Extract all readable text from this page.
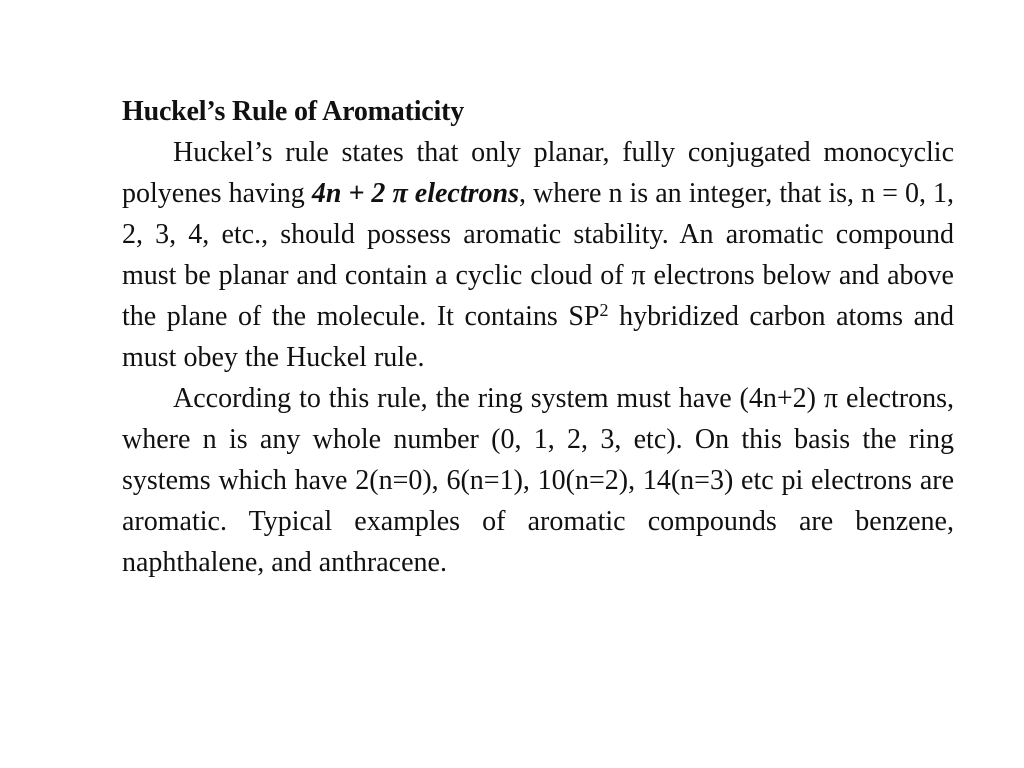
Huckel’s Rule of Aromaticity

Huckel’s rule states that only planar, fully conjugated monocyclic polyenes having 4n + 2 π electrons, where n is an integer, that is, n = 0, 1, 2, 3, 4, etc., should possess aromatic stability. An aromatic compound must be planar and contain a cyclic cloud of π electrons below and above the plane of the molecule. It contains $SP^2$ hybridized carbon atoms and must obey the Huckel rule.

According to this rule, the ring system must have (4n+2) π electrons, where n is any whole number (0, 1, 2, 3, etc). On this basis the ring systems which have 2(n=0), 6(n=1), 10(n=2), 14(n=3) etc pi electrons are aromatic. Typical examples of aromatic compounds are benzene, naphthalene, and anthracene.
